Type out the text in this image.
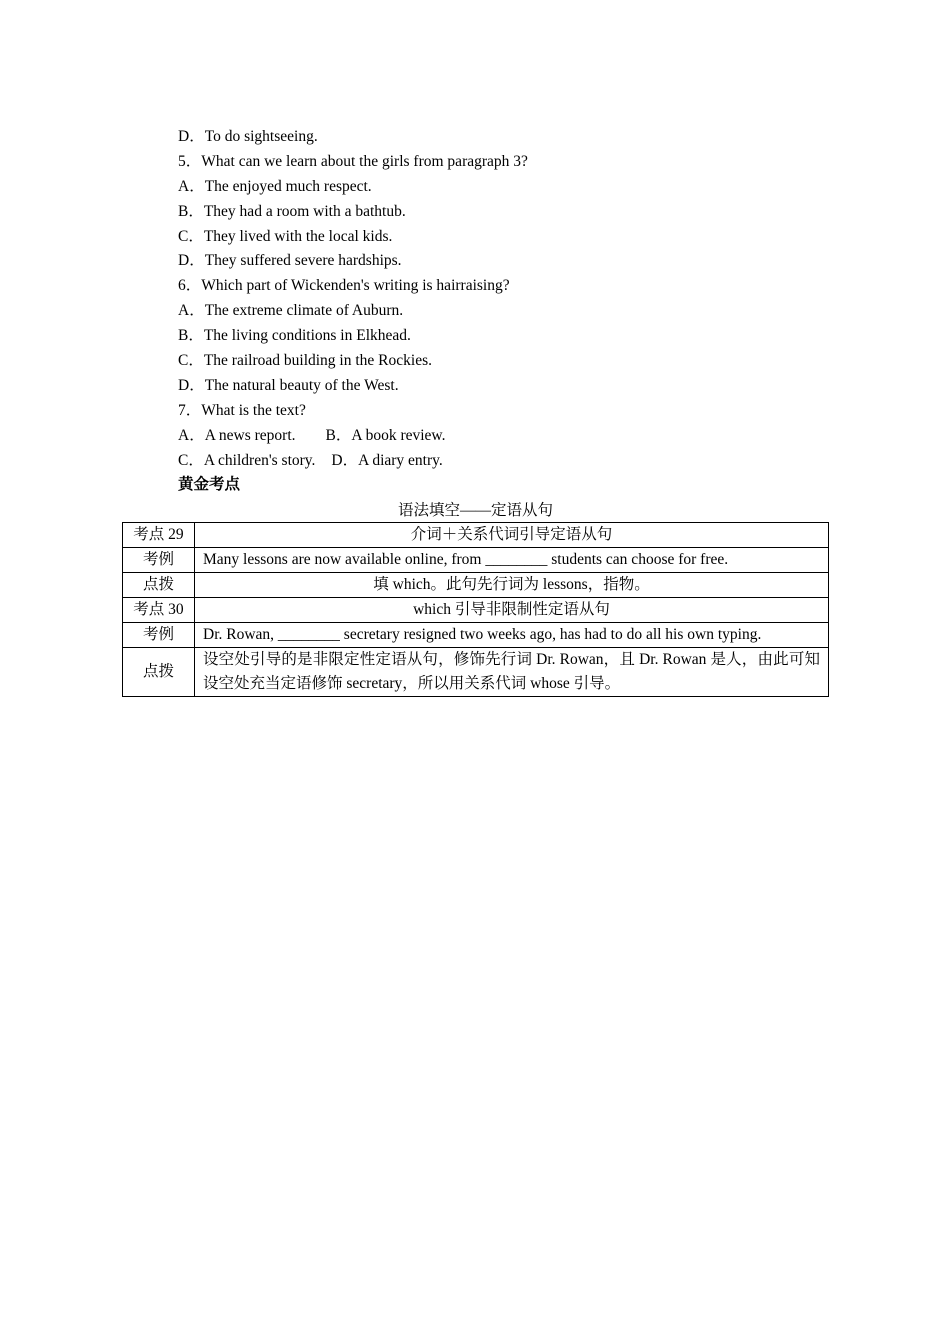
D．To do sightseeing.
5．What can we learn about the girls from paragraph 3?
A．The enjoyed much respect.
B．They had a room with a bathtub.
C．They lived with the local kids.
D．They suffered severe hardships.
6．Which part of Wickenden's writing is hairraising?
A．The extreme climate of Auburn.
B．The living conditions in Elkhead.
C．The railroad building in the Rockies.
D．The natural beauty of the West.
7．What is the text?
A．A news report. B．A book review.
C．A children's story. D．A diary entry.
黄金考点
语法填空——定语从句
考点 29	介词＋关系代词引导定语从句
考例	Many lessons are now available online, from ________ students can choose for free.
点拨	填 which。此句先行词为 lessons，指物。
考点 30	which 引导非限制性定语从句
考例	Dr. Rowan, ________ secretary resigned two weeks ago, has had to do all his own typing.
点拨	设空处引导的是非限定性定语从句，修饰先行词 Dr. Rowan，且 Dr. Rowan 是人，由此可知设空处充当定语修饰 secretary，所以用关系代词 whose 引导。
